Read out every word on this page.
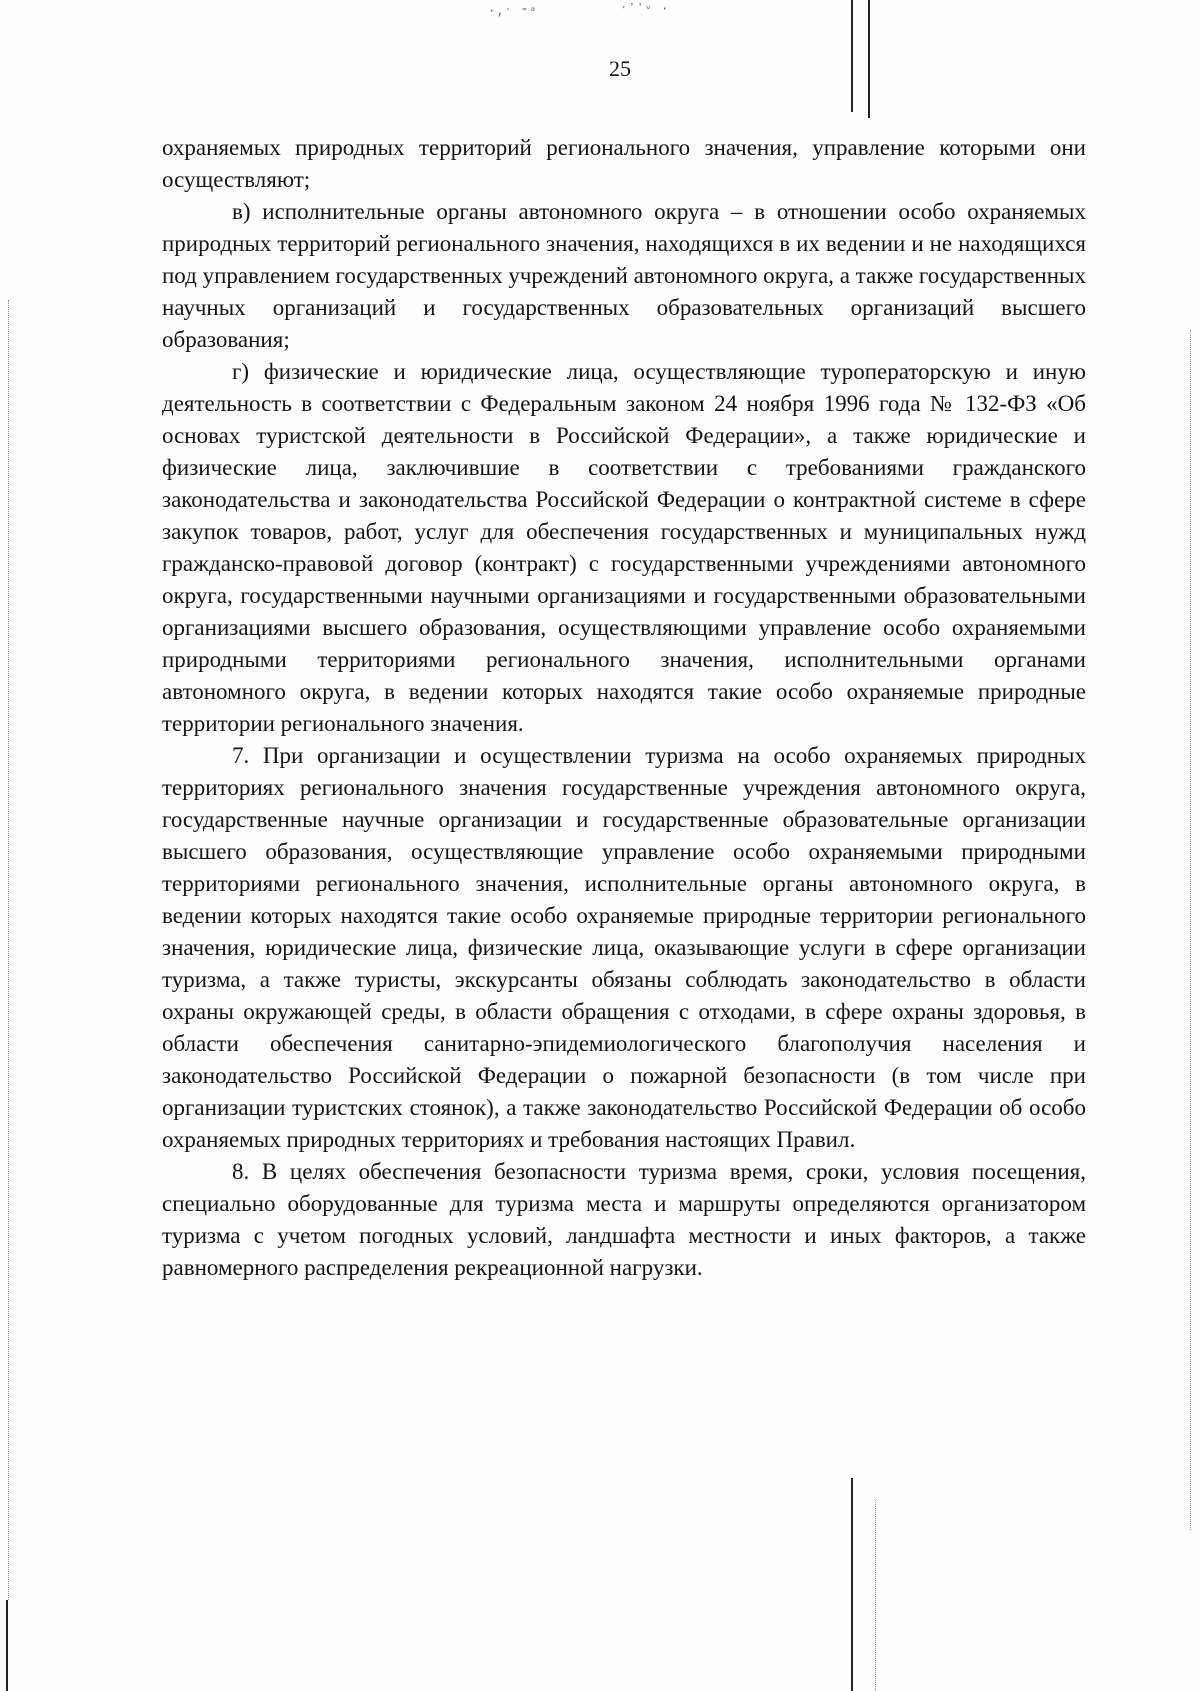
·,ˑ ⁼ᵃ	ˑ᾿᾿ᵛ ·
25

охраняемых природных территорий регионального значения, управление которыми они осуществляют;

в) исполнительные органы автономного округа – в отношении особо охраняемых природных территорий регионального значения, находящихся в их ведении и не находящихся под управлением государственных учреждений автономного округа, а также государственных научных организаций и государственных образовательных организаций высшего образования;

г) физические и юридические лица, осуществляющие туроператорскую и иную деятельность в соответствии с Федеральным законом 24 ноября 1996 года № 132-ФЗ «Об основах туристской деятельности в Российской Федерации», а также юридические и физические лица, заключившие в соответствии с требованиями гражданского законодательства и законодательства Российской Федерации о контрактной системе в сфере закупок товаров, работ, услуг для обеспечения государственных и муниципальных нужд гражданско-правовой договор (контракт) с государственными учреждениями автономного округа, государственными научными организациями и государственными образовательными организациями высшего образования, осуществляющими управление особо охраняемыми природными территориями регионального значения, исполнительными органами автономного округа, в ведении которых находятся такие особо охраняемые природные территории регионального значения.

7. При организации и осуществлении туризма на особо охраняемых природных территориях регионального значения государственные учреждения автономного округа, государственные научные организации и государственные образовательные организации высшего образования, осуществляющие управление особо охраняемыми природными территориями регионального значения, исполнительные органы автономного округа, в ведении которых находятся такие особо охраняемые природные территории регионального значения, юридические лица, физические лица, оказывающие услуги в сфере организации туризма, а также туристы, экскурсанты обязаны соблюдать законодательство в области охраны окружающей среды, в области обращения с отходами, в сфере охраны здоровья, в области обеспечения санитарно-эпидемиологического благополучия населения и законодательство Российской Федерации о пожарной безопасности (в том числе при организации туристских стоянок), а также законодательство Российской Федерации об особо охраняемых природных территориях и требования настоящих Правил.

8. В целях обеспечения безопасности туризма время, сроки, условия посещения, специально оборудованные для туризма места и маршруты определяются организатором туризма с учетом погодных условий, ландшафта местности и иных факторов, а также равномерного распределения рекреационной нагрузки.
